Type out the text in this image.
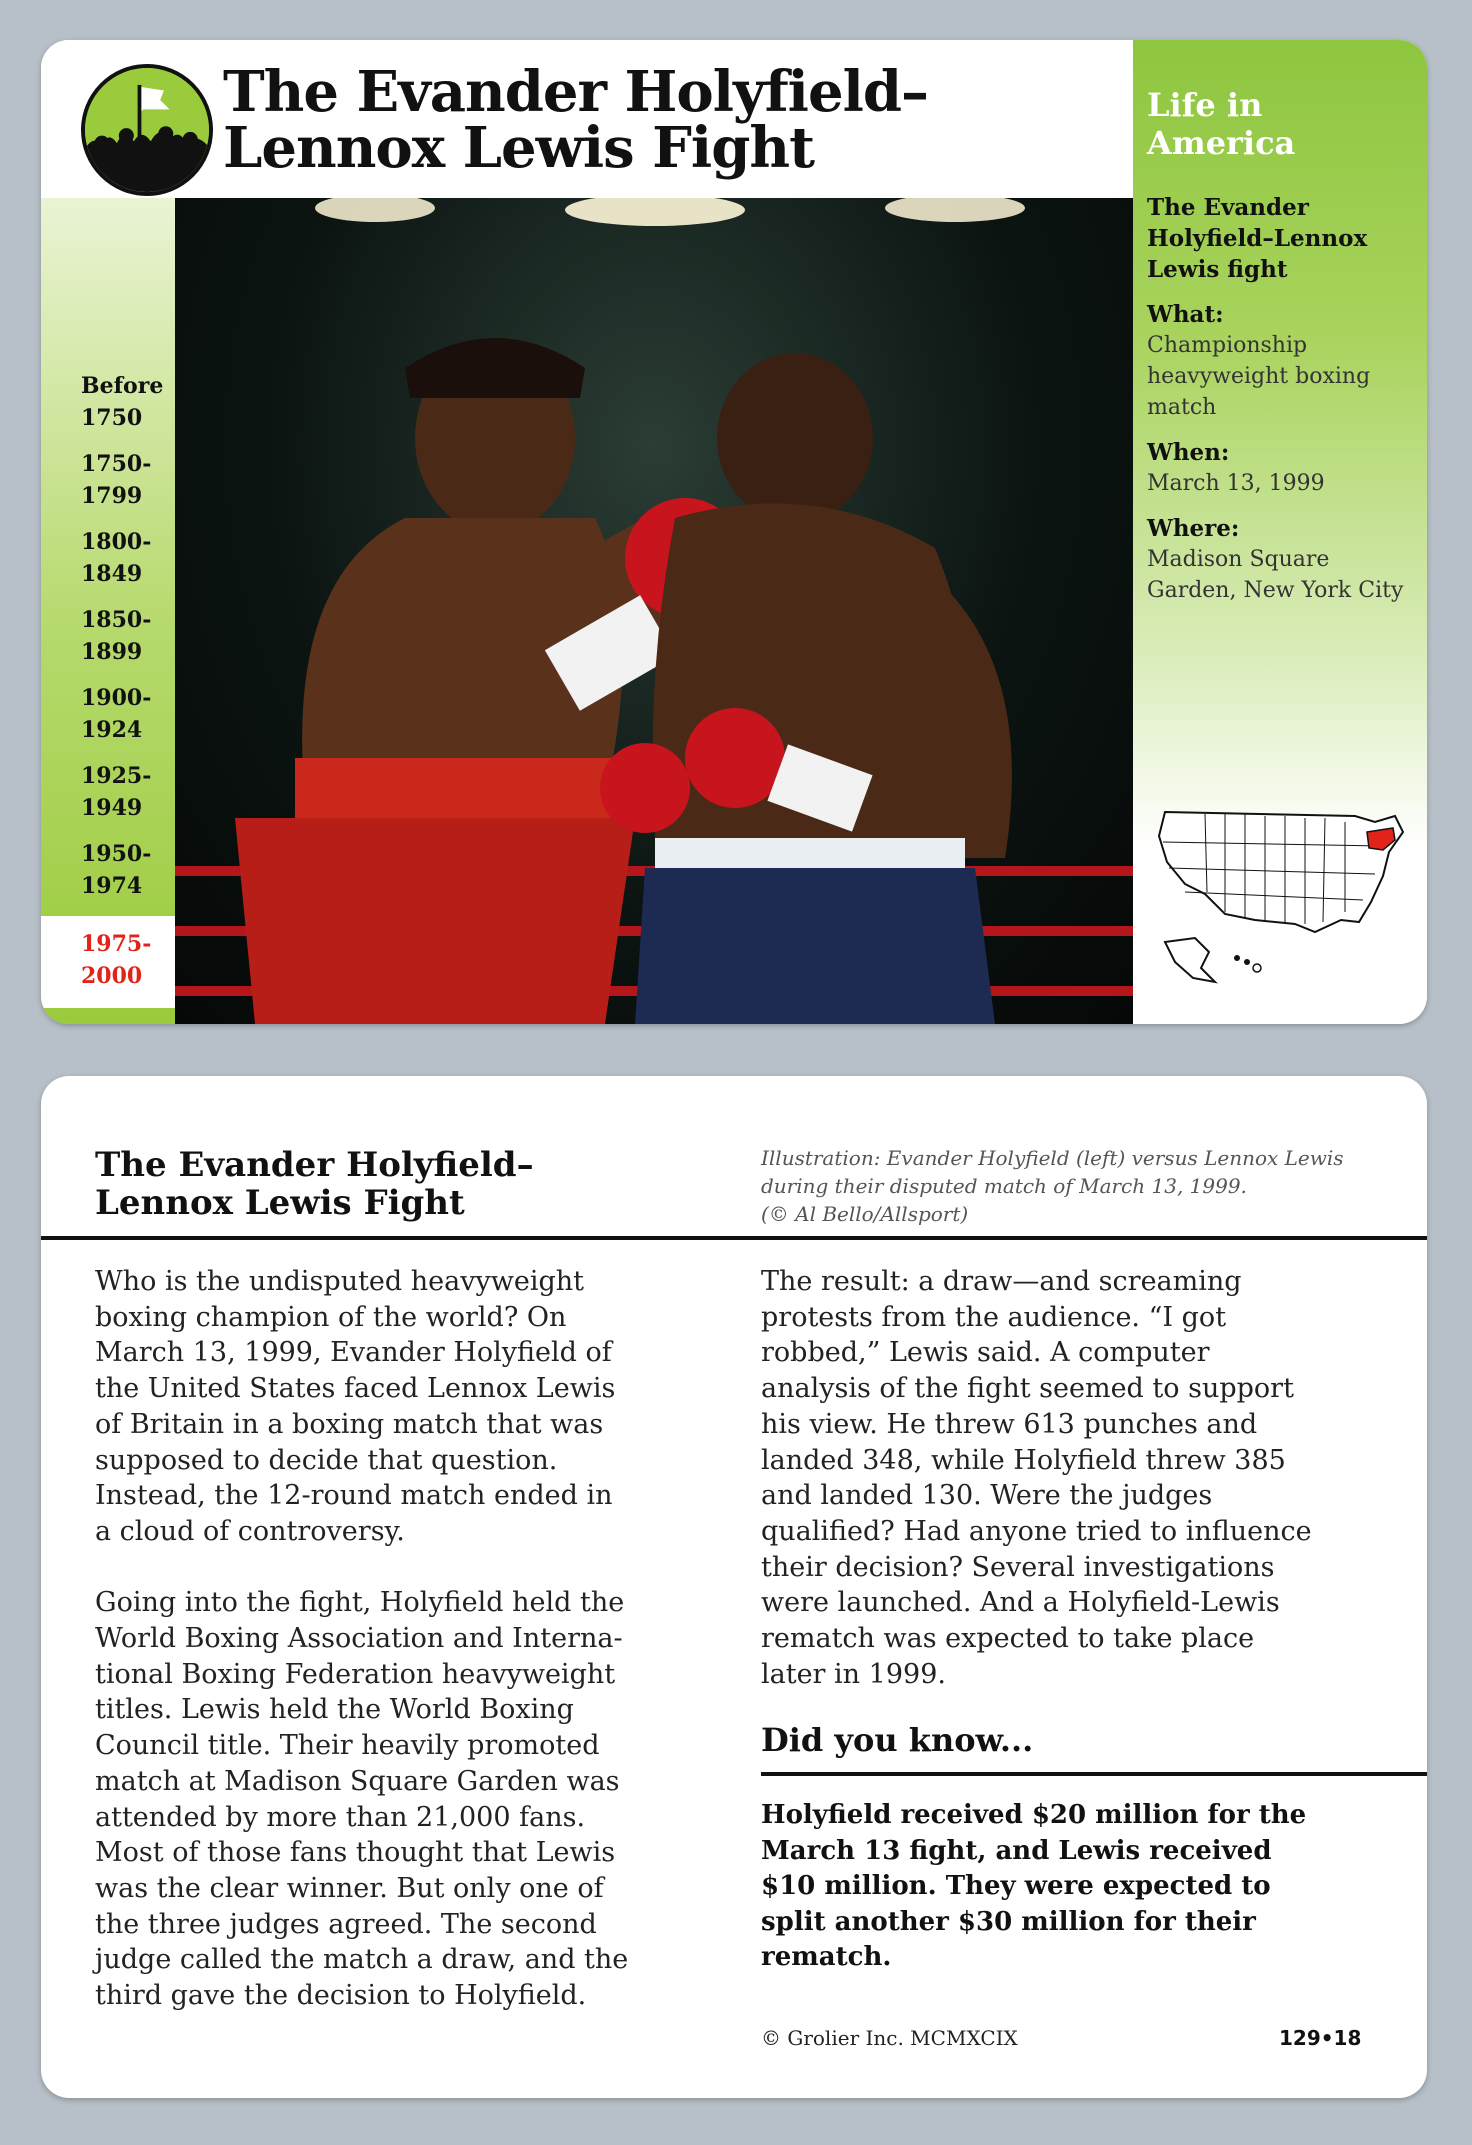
The Evander Holyfield–
Lennox Lewis Fight
Before
1750
1750-
1799
1800-
1849
1850-
1899
1900-
1924
1925-
1949
1950-
1974
1975-
2000
Life in
America
The Evander Holyfield–Lennox Lewis fight
What:
Championship heavyweight boxing match
When:
March 13, 1999
Where:
Madison Square Garden, New York City
The Evander Holyfield–
Lennox Lewis Fight
Illustration: Evander Holyfield (left) versus Lennox Lewis
during their disputed match of March 13, 1999.
(© Al Bello/Allsport)

Who is the undisputed heavyweight
boxing champion of the world? On
March 13, 1999, Evander Holyfield of
the United States faced Lennox Lewis
of Britain in a boxing match that was
supposed to decide that question.
Instead, the 12-round match ended in
a cloud of controversy.

Going into the fight, Holyfield held the
World Boxing Association and Interna-
tional Boxing Federation heavyweight
titles. Lewis held the World Boxing
Council title. Their heavily promoted
match at Madison Square Garden was
attended by more than 21,000 fans.
Most of those fans thought that Lewis
was the clear winner. But only one of
the three judges agreed. The second
judge called the match a draw, and the
third gave the decision to Holyfield.

The result: a draw—and screaming
protests from the audience. “I got
robbed,” Lewis said. A computer
analysis of the fight seemed to support
his view. He threw 613 punches and
landed 348, while Holyfield threw 385
and landed 130. Were the judges
qualified? Had anyone tried to influence
their decision? Several investigations
were launched. And a Holyfield-Lewis
rematch was expected to take place
later in 1999.

Did you know...
Holyfield received $20 million for the
March 13 fight, and Lewis received
$10 million. They were expected to
split another $30 million for their
rematch.
© Grolier Inc. MCMXCIX	129•18
